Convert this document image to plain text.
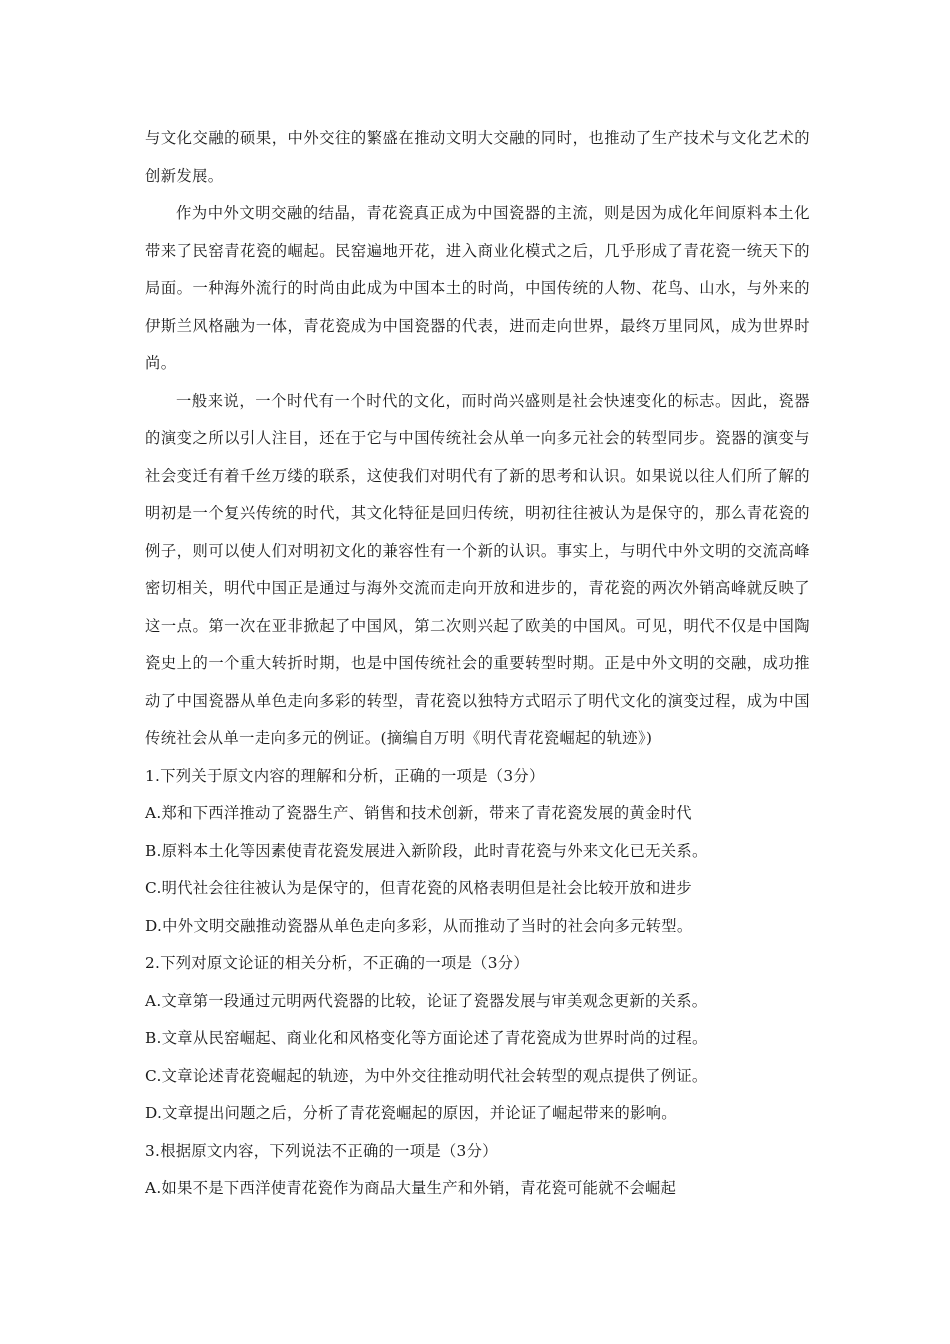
与文化交融的硕果，中外交往的繁盛在推动文明大交融的同时，也推动了生产技术与文化艺术的创新发展。

作为中外文明交融的结晶，青花瓷真正成为中国瓷器的主流，则是因为成化年间原料本土化带来了民窑青花瓷的崛起。民窑遍地开花，进入商业化模式之后，几乎形成了青花瓷一统天下的局面。一种海外流行的时尚由此成为中国本土的时尚，中国传统的人物、花鸟、山水，与外来的伊斯兰风格融为一体，青花瓷成为中国瓷器的代表，进而走向世界，最终万里同风，成为世界时尚。

一般来说，一个时代有一个时代的文化，而时尚兴盛则是社会快速变化的标志。因此，瓷器的演变之所以引人注目，还在于它与中国传统社会从单一向多元社会的转型同步。瓷器的演变与社会变迁有着千丝万缕的联系，这使我们对明代有了新的思考和认识。如果说以往人们所了解的明初是一个复兴传统的时代，其文化特征是回归传统，明初往往被认为是保守的，那么青花瓷的例子，则可以使人们对明初文化的兼容性有一个新的认识。事实上，与明代中外文明的交流高峰密切相关，明代中国正是通过与海外交流而走向开放和进步的，青花瓷的两次外销高峰就反映了这一点。第一次在亚非掀起了中国风，第二次则兴起了欧美的中国风。可见，明代不仅是中国陶瓷史上的一个重大转折时期，也是中国传统社会的重要转型时期。正是中外文明的交融，成功推动了中国瓷器从单色走向多彩的转型，青花瓷以独特方式昭示了明代文化的演变过程，成为中国传统社会从单一走向多元的例证。(摘编自万明《明代青花瓷崛起的轨迹》)

1.下列关于原文内容的理解和分析，正确的一项是（3分）

A.郑和下西洋推动了瓷器生产、销售和技术创新，带来了青花瓷发展的黄金时代

B.原料本土化等因素使青花瓷发展进入新阶段，此时青花瓷与外来文化已无关系。

C.明代社会往往被认为是保守的，但青花瓷的风格表明但是社会比较开放和进步

D.中外文明交融推动瓷器从单色走向多彩，从而推动了当时的社会向多元转型。

2.下列对原文论证的相关分析，不正确的一项是（3分）

A.文章第一段通过元明两代瓷器的比较，论证了瓷器发展与审美观念更新的关系。

B.文章从民窑崛起、商业化和风格变化等方面论述了青花瓷成为世界时尚的过程。

C.文章论述青花瓷崛起的轨迹，为中外交往推动明代社会转型的观点提供了例证。

D.文章提出问题之后，分析了青花瓷崛起的原因，并论证了崛起带来的影响。

3.根据原文内容，下列说法不正确的一项是（3分）

A.如果不是下西洋使青花瓷作为商品大量生产和外销，青花瓷可能就不会崛起
